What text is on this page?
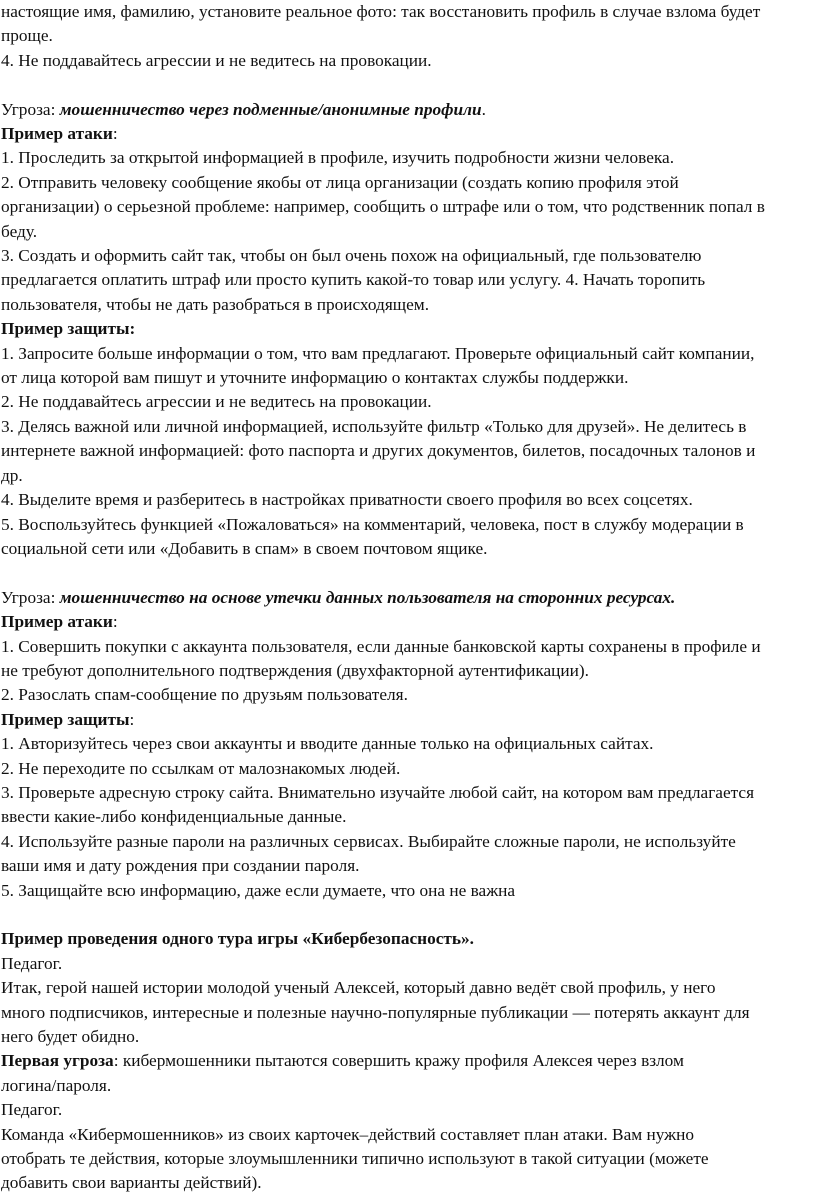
настоящие имя, фамилию, установите реальное фото: так восстановить профиль в случае взлома будет
проще.
4. Не поддавайтесь агрессии и не ведитесь на провокации.
Угроза: мошенничество через подменные/анонимные профили.
Пример атаки:
1. Проследить за открытой информацией в профиле, изучить подробности жизни человека.
2. Отправить человеку сообщение якобы от лица организации (создать копию профиля этой
организации) о серьезной проблеме: например, сообщить о штрафе или о том, что родственник попал в
беду.
3. Создать и оформить сайт так, чтобы он был очень похож на официальный, где пользователю
предлагается оплатить штраф или просто купить какой-то товар или услугу. 4. Начать торопить
пользователя, чтобы не дать разобраться в происходящем.
Пример защиты:
1. Запросите больше информации о том, что вам предлагают. Проверьте официальный сайт компании,
от лица которой вам пишут и уточните информацию о контактах службы поддержки.
2. Не поддавайтесь агрессии и не ведитесь на провокации.
3. Делясь важной или личной информацией, используйте фильтр «Только для друзей». Не делитесь в
интернете важной информацией: фото паспорта и других документов, билетов, посадочных талонов и
др.
4. Выделите время и разберитесь в настройках приватности своего профиля во всех соцсетях.
5. Воспользуйтесь функцией «Пожаловаться» на комментарий, человека, пост в службу модерации в
социальной сети или «Добавить в спам» в своем почтовом ящике.
Угроза: мошенничество на основе утечки данных пользователя на сторонних ресурсах.
Пример атаки:
1. Совершить покупки с аккаунта пользователя, если данные банковской карты сохранены в профиле и
не требуют дополнительного подтверждения (двухфакторной аутентификации).
2. Разослать спам-сообщение по друзьям пользователя.
Пример защиты:
1. Авторизуйтесь через свои аккаунты и вводите данные только на официальных сайтах.
2. Не переходите по ссылкам от малознакомых людей.
3. Проверьте адресную строку сайта. Внимательно изучайте любой сайт, на котором вам предлагается
ввести какие-либо конфиденциальные данные.
4. Используйте разные пароли на различных сервисах. Выбирайте сложные пароли, не используйте
ваши имя и дату рождения при создании пароля.
5. Защищайте всю информацию, даже если думаете, что она не важна
Пример проведения одного тура игры «Кибербезопасность».
Педагог.
Итак, герой нашей истории молодой ученый Алексей, который давно ведёт свой профиль, у него
много подписчиков, интересные и полезные научно-популярные публикации — потерять аккаунт для
него будет обидно.
Первая угроза: кибермошенники пытаются совершить кражу профиля Алексея через взлом
логина/пароля.
Педагог.
Команда «Кибермошенников» из своих карточек–действий составляет план атаки. Вам нужно
отобрать те действия, которые злоумышленники типично используют в такой ситуации (можете
добавить свои варианты действий).
